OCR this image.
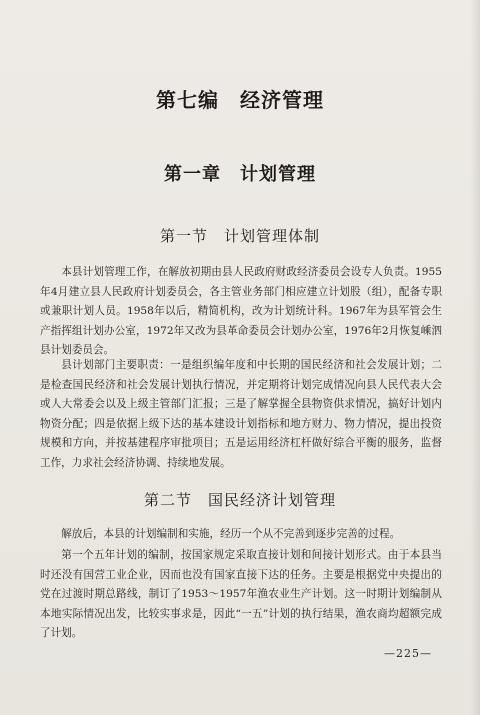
第七编　经济管理
第一章　计划管理
第一节　计划管理体制

本县计划管理工作，在解放初期由县人民政府财政经济委员会设专人负责。1955年4月建立县人民政府计划委员会，各主管业务部门相应建立计划股（组），配备专职或兼职计划人员。1958年以后，精简机构，改为计划统计科。1967年为县军管会生产指挥组计划办公室，1972年又改为县革命委员会计划办公室，1976年2月恢复嵊泗县计划委员会。

县计划部门主要职责：一是组织编年度和中长期的国民经济和社会发展计划；二是检查国民经济和社会发展计划执行情况，并定期将计划完成情况向县人民代表大会或人大常委会以及上级主管部门汇报；三是了解掌握全县物资供求情况，搞好计划内物资分配；四是依据上级下达的基本建设计划指标和地方财力、物力情况，提出投资规模和方向，并按基建程序审批项目；五是运用经济杠杆做好综合平衡的服务，监督工作，力求社会经济协调、持续地发展。

第二节　国民经济计划管理

解放后，本县的计划编制和实施，经历一个从不完善到逐步完善的过程。

第一个五年计划的编制，按国家规定采取直接计划和间接计划形式。由于本县当时还没有国营工业企业，因而也没有国家直接下达的任务。主要是根据党中央提出的党在过渡时期总路线，制订了1953～1957年渔农业生产计划。这一时期计划编制从本地实际情况出发，比较实事求是，因此“一五”计划的执行结果，渔农商均超额完成了计划。

—225—
